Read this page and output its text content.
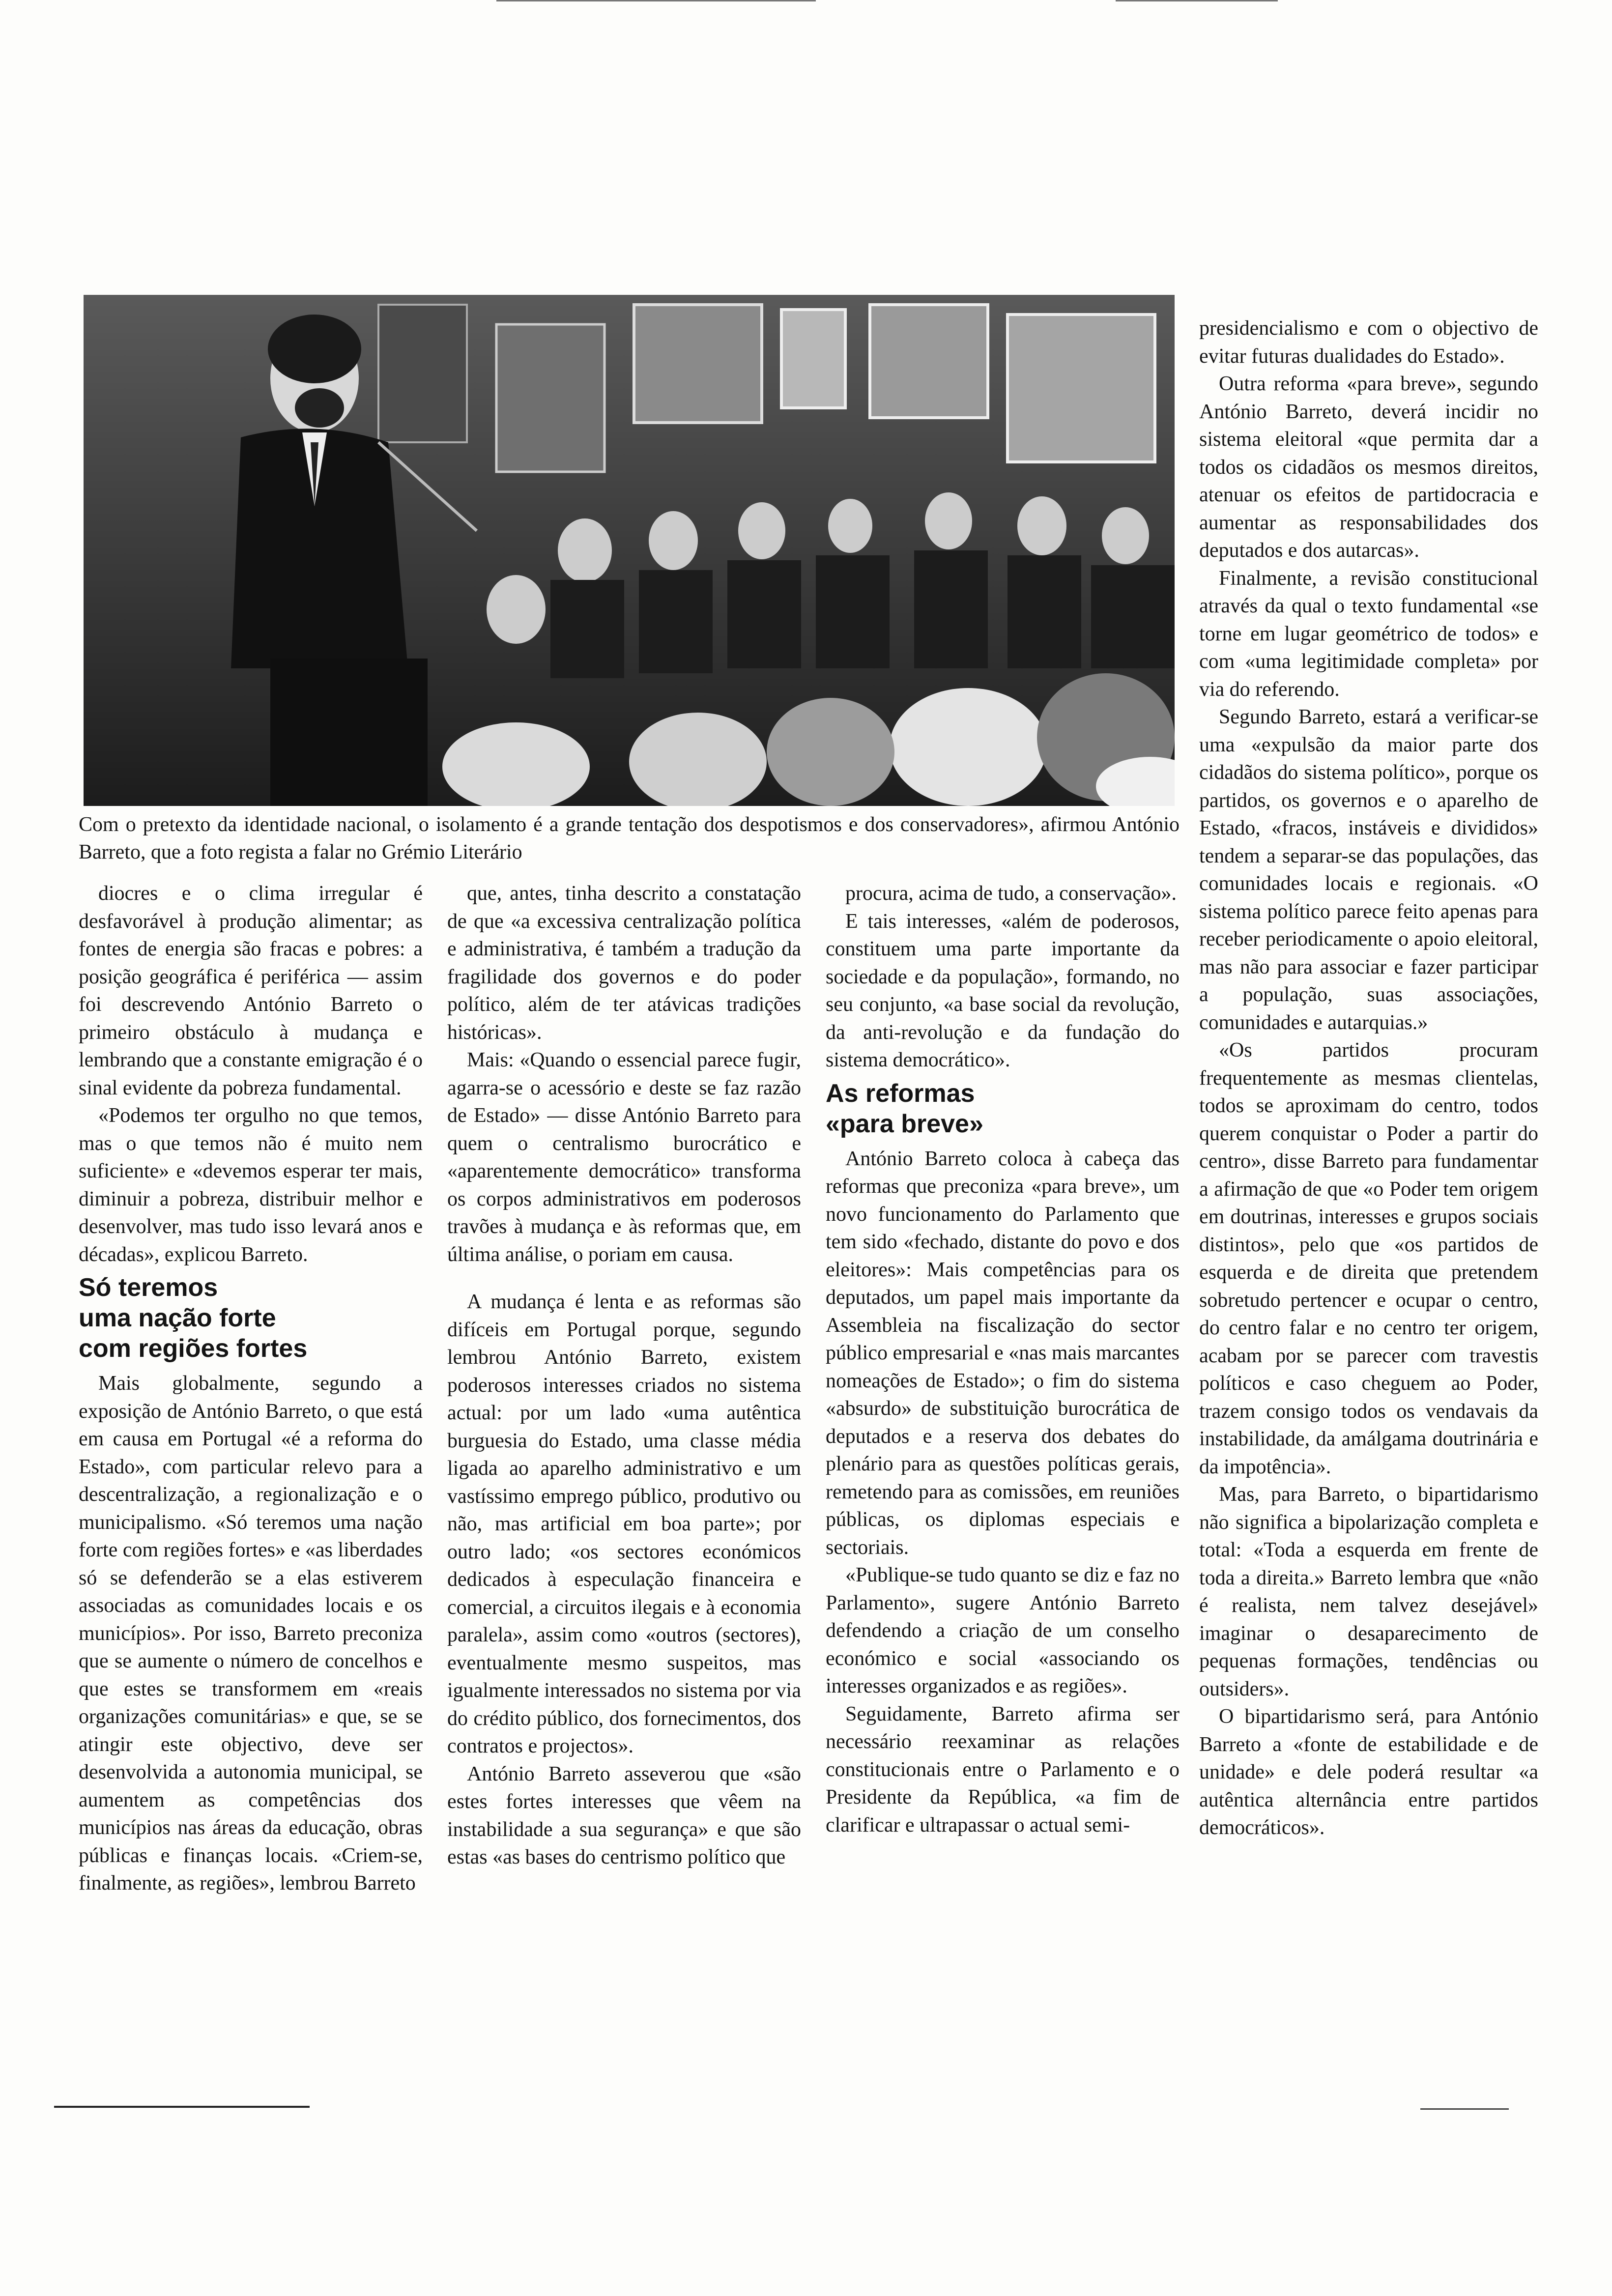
Com o pretexto da identidade nacional, o isolamento é a grande tentação dos despotismos e dos conservadores», afirmou António Barreto, que a foto regista a falar no Grémio Literário

diocres e o clima irregular é desfavorável à produção alimentar; as fontes de energia são fracas e pobres: a posição geográfica é periférica — assim foi descrevendo António Barreto o primeiro obstáculo à mudança e lembrando que a constante emigração é o sinal evidente da pobreza fundamental.

«Podemos ter orgulho no que temos, mas o que temos não é muito nem suficiente» e «devemos esperar ter mais, diminuir a pobreza, distribuir melhor e desenvolver, mas tudo isso levará anos e décadas», explicou Barreto.

Só teremos
uma nação forte
com regiões fortes

Mais globalmente, segundo a exposição de António Barreto, o que está em causa em Portugal «é a reforma do Estado», com particular relevo para a descentralização, a regionalização e o municipalismo. «Só teremos uma nação forte com regiões fortes» e «as liberdades só se defenderão se a elas estiverem associadas as comunidades locais e os municípios». Por isso, Barreto preconiza que se aumente o número de concelhos e que estes se transformem em «reais organizações comunitárias» e que, se se atingir este objectivo, deve ser desenvolvida a autonomia municipal, se aumentem as competências dos municípios nas áreas da educação, obras públicas e finanças locais. «Criem-se, finalmente, as regiões», lembrou Barreto

que, antes, tinha descrito a constatação de que «a excessiva centralização política e administrativa, é também a tradução da fragilidade dos governos e do poder político, além de ter atávicas tradições históricas».

Mais: «Quando o essencial parece fugir, agarra-se o acessório e deste se faz razão de Estado» — disse António Barreto para quem o centralismo burocrático e «aparentemente democrático» transforma os corpos administrativos em poderosos travões à mudança e às reformas que, em última análise, o poriam em causa.

A mudança é lenta e as reformas são difíceis em Portugal porque, segundo lembrou António Barreto, existem poderosos interesses criados no sistema actual: por um lado «uma autêntica burguesia do Estado, uma classe média ligada ao aparelho administrativo e um vastíssimo emprego público, produtivo ou não, mas artificial em boa parte»; por outro lado; «os sectores económicos dedicados à especulação financeira e comercial, a circuitos ilegais e à economia paralela», assim como «outros (sectores), eventualmente mesmo suspeitos, mas igualmente interessados no sistema por via do crédito público, dos fornecimentos, dos contratos e projectos».

António Barreto asseverou que «são estes fortes interesses que vêem na instabilidade a sua segurança» e que são estas «as bases do centrismo político que

procura, acima de tudo, a conservação».

E tais interesses, «além de poderosos, constituem uma parte importante da sociedade e da população», formando, no seu conjunto, «a base social da revolução, da anti-revolução e da fundação do sistema democrático».

As reformas
«para breve»

António Barreto coloca à cabeça das reformas que preconiza «para breve», um novo funcionamento do Parlamento que tem sido «fechado, distante do povo e dos eleitores»: Mais competências para os deputados, um papel mais importante da Assembleia na fiscalização do sector público empresarial e «nas mais marcantes nomeações de Estado»; o fim do sistema «absurdo» de substituição burocrática de deputados e a reserva dos debates do plenário para as questões políticas gerais, remetendo para as comissões, em reuniões públicas, os diplomas especiais e sectoriais.

«Publique-se tudo quanto se diz e faz no Parlamento», sugere António Barreto defendendo a criação de um conselho económico e social «associando os interesses organizados e as regiões».

Seguidamente, Barreto afirma ser necessário reexaminar as relações constitucionais entre o Parlamento e o Presidente da República, «a fim de clarificar e ultrapassar o actual semi-

presidencialismo e com o objectivo de evitar futuras dualidades do Estado».

Outra reforma «para breve», segundo António Barreto, deverá incidir no sistema eleitoral «que permita dar a todos os cidadãos os mesmos direitos, atenuar os efeitos de partidocracia e aumentar as responsabilidades dos deputados e dos autarcas».

Finalmente, a revisão constitucional através da qual o texto fundamental «se torne em lugar geométrico de todos» e com «uma legitimidade completa» por via do referendo.

Segundo Barreto, estará a verificar-se uma «expulsão da maior parte dos cidadãos do sistema político», porque os partidos, os governos e o aparelho de Estado, «fracos, instáveis e divididos» tendem a separar-se das populações, das comunidades locais e regionais. «O sistema político parece feito apenas para receber periodicamente o apoio eleitoral, mas não para associar e fazer participar a população, suas associações, comunidades e autarquias.»

«Os partidos procuram frequentemente as mesmas clientelas, todos se aproximam do centro, todos querem conquistar o Poder a partir do centro», disse Barreto para fundamentar a afirmação de que «o Poder tem origem em doutrinas, interesses e grupos sociais distintos», pelo que «os partidos de esquerda e de direita que pretendem sobretudo pertencer e ocupar o centro, do centro falar e no centro ter origem, acabam por se parecer com travestis políticos e caso cheguem ao Poder, trazem consigo todos os vendavais da instabilidade, da amálgama doutrinária e da impotência».

Mas, para Barreto, o bipartidarismo não significa a bipolarização completa e total: «Toda a esquerda em frente de toda a direita.» Barreto lembra que «não é realista, nem talvez desejável» imaginar o desaparecimento de pequenas formações, tendências ou outsiders».

O bipartidarismo será, para António Barreto a «fonte de estabilidade e de unidade» e dele poderá resultar «a autêntica alternância entre partidos democráticos».
